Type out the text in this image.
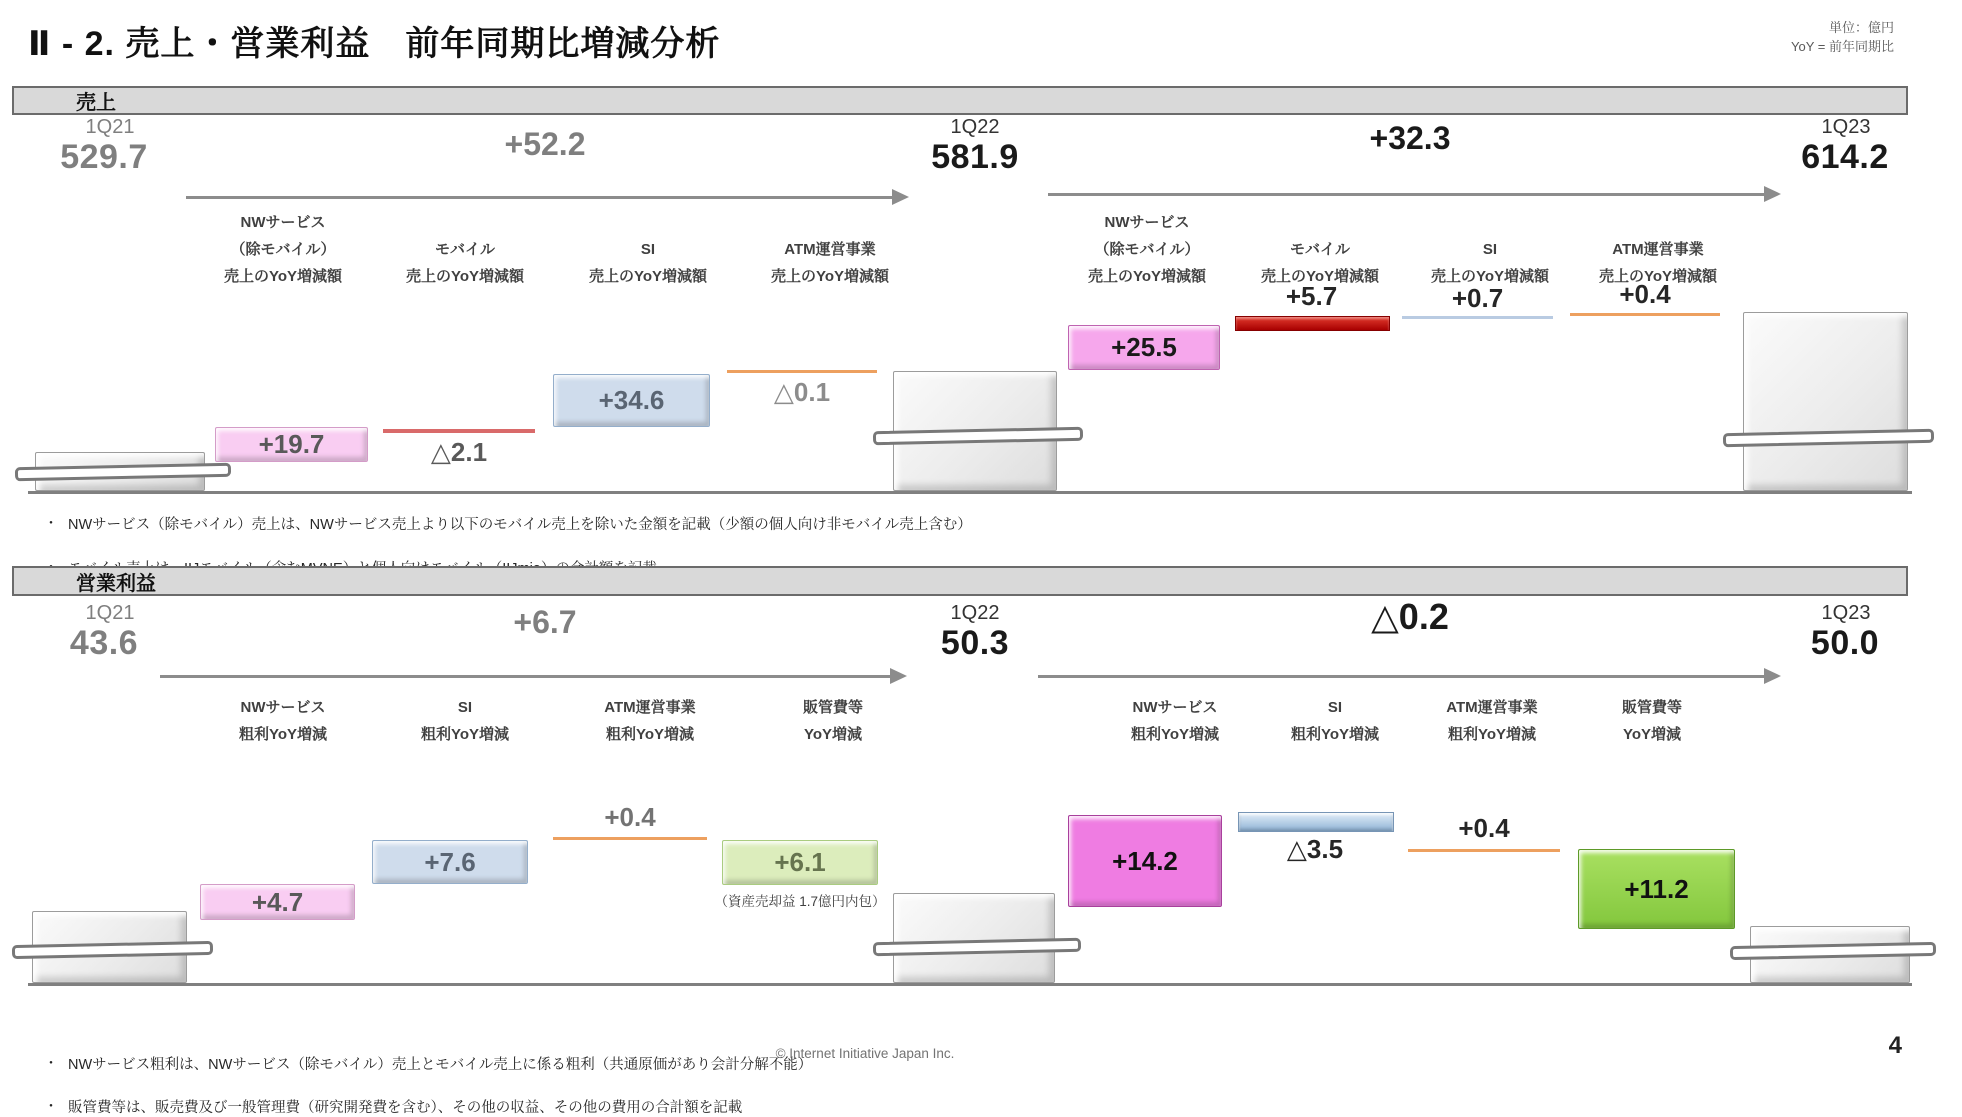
Ⅱ - 2. 売上・営業利益　前年同期比増減分析	単位：億円
YoY = 前年同期比
売上
1Q21
529.7	+52.2
NWサービス
（除モバイル）
売上のYoY増減額
モバイル
売上のYoY増減額
SI
売上のYoY増減額
ATM運営事業
売上のYoY増減額
1Q22
581.9	+32.3
NWサービス
（除モバイル）
売上のYoY増減額
モバイル
売上のYoY増減額
SI
売上のYoY増減額
ATM運営事業
売上のYoY増減額
1Q23
614.2
+19.7	△2.1
+34.6	△0.1
+25.5
+5.7	+0.7	+0.4
・ NWサービス（除モバイル）売上は、NWサービス売上より以下のモバイル売上を除いた金額を記載（少額の個人向け非モバイル売上含む）
・
営業利益
1Q21
43.6
+6.7
NWサービス
粗利YoY増減
SI
粗利YoY増減
ATM運営事業
粗利YoY増減
販管費等
YoY増減
1Q22
50.3
△0.2
NWサービス
粗利YoY増減
SI
粗利YoY増減
ATM運営事業
粗利YoY増減
販管費等
YoY増減
1Q23
50.0
+4.7
+7.6
+0.4
+6.1
（資産売却益 1.7億円内包）
+14.2	△3.5
+0.4
+11.2
・ NWサービス粗利は、NWサービス（除モバイル）売上とモバイル売上に係る粗利（共通原価があり会計分解不能）
・ 販管費等は、販売費及び一般管理費（研究開発費を含む）、その他の収益、その他の費用の合計額を記載
© Internet Initiative Japan Inc.	4
